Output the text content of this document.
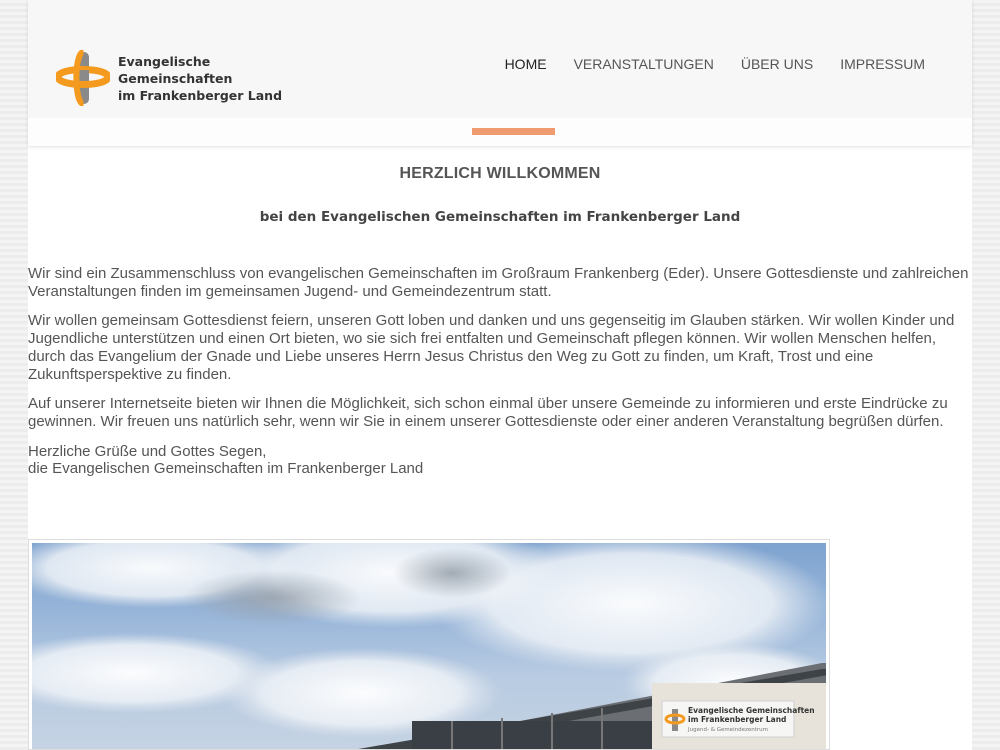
Evangelische Gemeinschaften
im Frankenberger Land
HOME VERANSTALTUNGEN ÜBER UNS IMPRESSUM
HERZLICH WILLKOMMEN
bei den Evangelischen Gemeinschaften im Frankenberger Land

Wir sind ein Zusammenschluss von evangelischen Gemeinschaften im Großraum Frankenberg (Eder). Unsere Gottesdienste und zahlreichen Veranstaltungen finden im gemeinsamen Jugend- und Gemeindezentrum statt.

Wir wollen gemeinsam Gottesdienst feiern, unseren Gott loben und danken und uns gegenseitig im Glauben stärken. Wir wollen Kinder und Jugendliche unterstützen und einen Ort bieten, wo sie sich frei entfalten und Gemeinschaft pflegen können. Wir wollen Menschen helfen, durch das Evangelium der Gnade und Liebe unseres Herrn Jesus Christus den Weg zu Gott zu finden, um Kraft, Trost und eine Zukunftsperspektive zu finden.

Auf unserer Internetseite bieten wir Ihnen die Möglichkeit, sich schon einmal über unsere Gemeinde zu informieren und erste Eindrücke zu gewinnen. Wir freuen uns natürlich sehr, wenn wir Sie in einem unserer Gottesdienste oder einer anderen Veranstaltung begrüßen dürfen.

Herzliche Grüße und Gottes Segen,
die Evangelischen Gemeinschaften im Frankenberger Land

Evangelische Gemeinschaften
im Frankenberger Land
Jugend- & Gemeindezentrum
